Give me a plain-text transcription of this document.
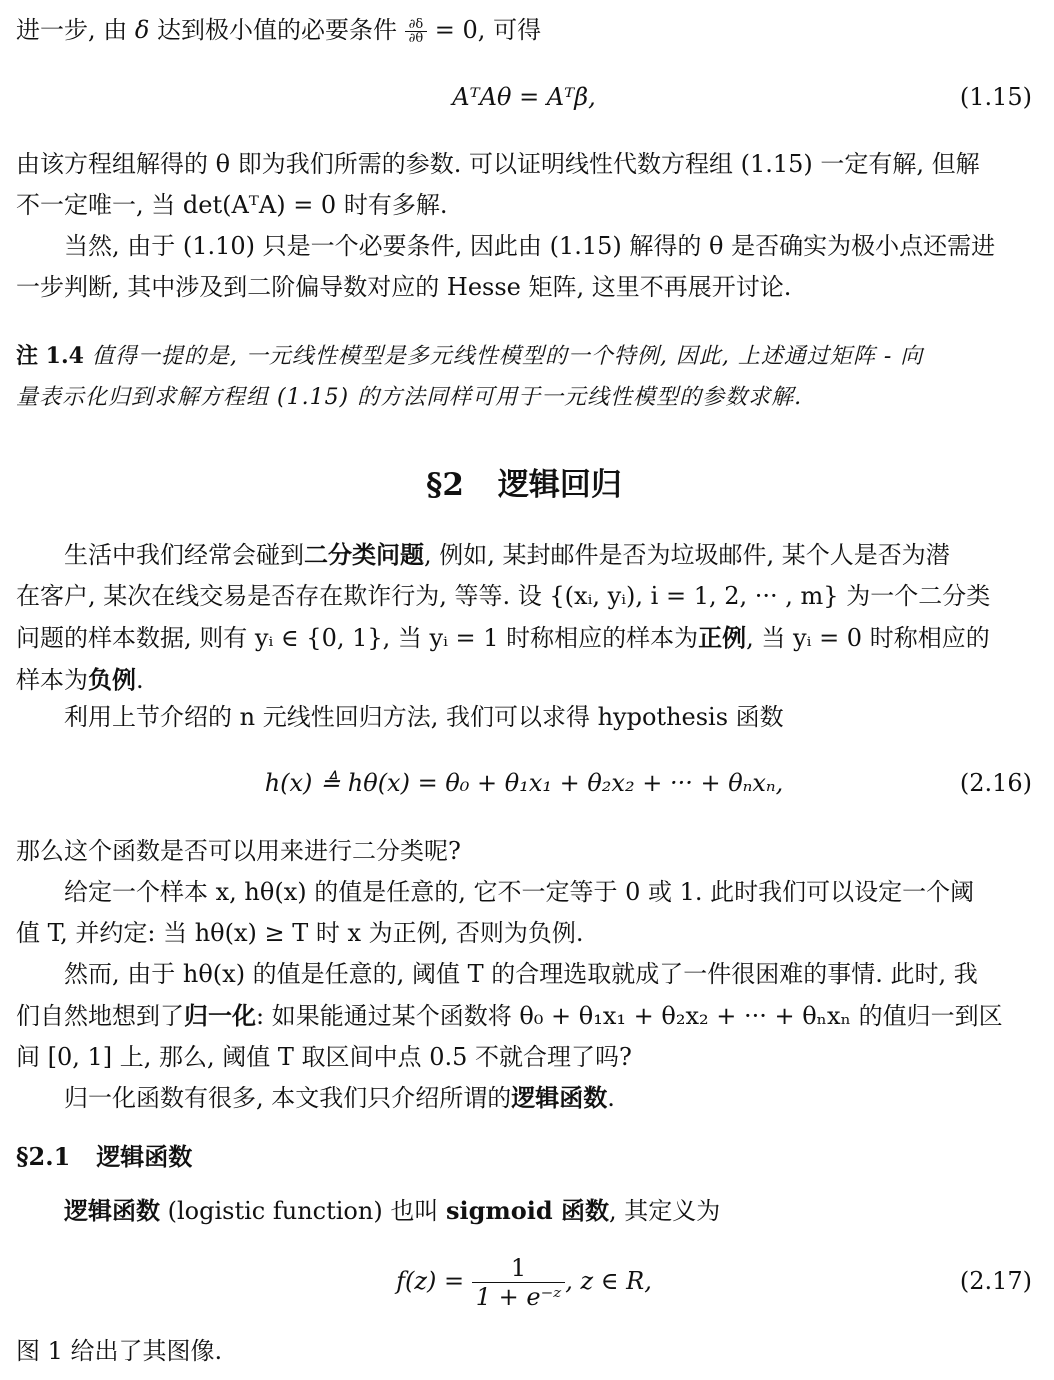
进一步, 由 δ 达到极小值的必要条件 $\frac{\partial\delta}{\partial\theta} = 0$, 可得
AᵀAθ = Aᵀβ,	(1.15)
由该方程组解得的 θ 即为我们所需的参数. 可以证明线性代数方程组 (1.15) 一定有解, 但解
不一定唯一, 当 det(AᵀA) = 0 时有多解.
当然, 由于 (1.10) 只是一个必要条件, 因此由 (1.15) 解得的 θ 是否确实为极小点还需进
一步判断, 其中涉及到二阶偏导数对应的 Hesse 矩阵, 这里不再展开讨论.
注 1.4 值得一提的是, 一元线性模型是多元线性模型的一个特例, 因此, 上述通过矩阵 - 向
量表示化归到求解方程组 (1.15) 的方法同样可用于一元线性模型的参数求解.
§2 逻辑回归
生活中我们经常会碰到二分类问题, 例如, 某封邮件是否为垃圾邮件, 某个人是否为潜
在客户, 某次在线交易是否存在欺诈行为, 等等. 设 {(xᵢ, yᵢ), i = 1, 2, ··· , m} 为一个二分类
问题的样本数据, 则有 yᵢ ∈ {0, 1}, 当 yᵢ = 1 时称相应的样本为正例, 当 yᵢ = 0 时称相应的
样本为负例.
利用上节介绍的 n 元线性回归方法, 我们可以求得 hypothesis 函数
h(x) ≜ hθ(x) = θ₀ + θ₁x₁ + θ₂x₂ + ··· + θₙxₙ,	(2.16)
那么这个函数是否可以用来进行二分类呢?
给定一个样本 x, hθ(x) 的值是任意的, 它不一定等于 0 或 1. 此时我们可以设定一个阈
值 T, 并约定: 当 hθ(x) ≥ T 时 x 为正例, 否则为负例.
然而, 由于 hθ(x) 的值是任意的, 阈值 T 的合理选取就成了一件很困难的事情. 此时, 我
们自然地想到了归一化: 如果能通过某个函数将 θ₀ + θ₁x₁ + θ₂x₂ + ··· + θₙxₙ 的值归一到区
间 [0, 1] 上, 那么, 阈值 T 取区间中点 0.5 不就合理了吗?
归一化函数有很多, 本文我们只介绍所谓的逻辑函数.
§2.1 逻辑函数
逻辑函数 (logistic function) 也叫 sigmoid 函数, 其定义为
$f(z) = \frac{1}{\text{1 + e⁻ᶻ}}$ , z ∈ R,	(2.17)
图 1 给出了其图像.
